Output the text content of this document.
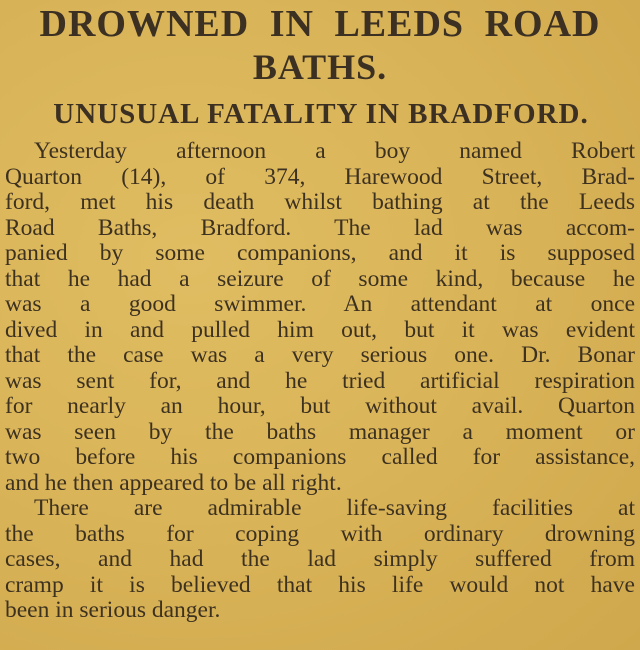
DROWNED IN LEEDS ROAD
BATHS.
UNUSUAL FATALITY IN BRADFORD.
Yesterday afternoon a boy named Robert
Quarton (14), of 374, Harewood Street, Brad-
ford, met his death whilst bathing at the Leeds
Road Baths, Bradford. The lad was accom-
panied by some companions, and it is supposed
that he had a seizure of some kind, because he
was a good swimmer. An attendant at once
dived in and pulled him out, but it was evident
that the case was a very serious one. Dr. Bonar
was sent for, and he tried artificial respiration
for nearly an hour, but without avail. Quarton
was seen by the baths manager a moment or
two before his companions called for assistance,
and he then appeared to be all right.
There are admirable life-saving facilities at
the baths for coping with ordinary drowning
cases, and had the lad simply suffered from
cramp it is believed that his life would not have
been in serious danger.
